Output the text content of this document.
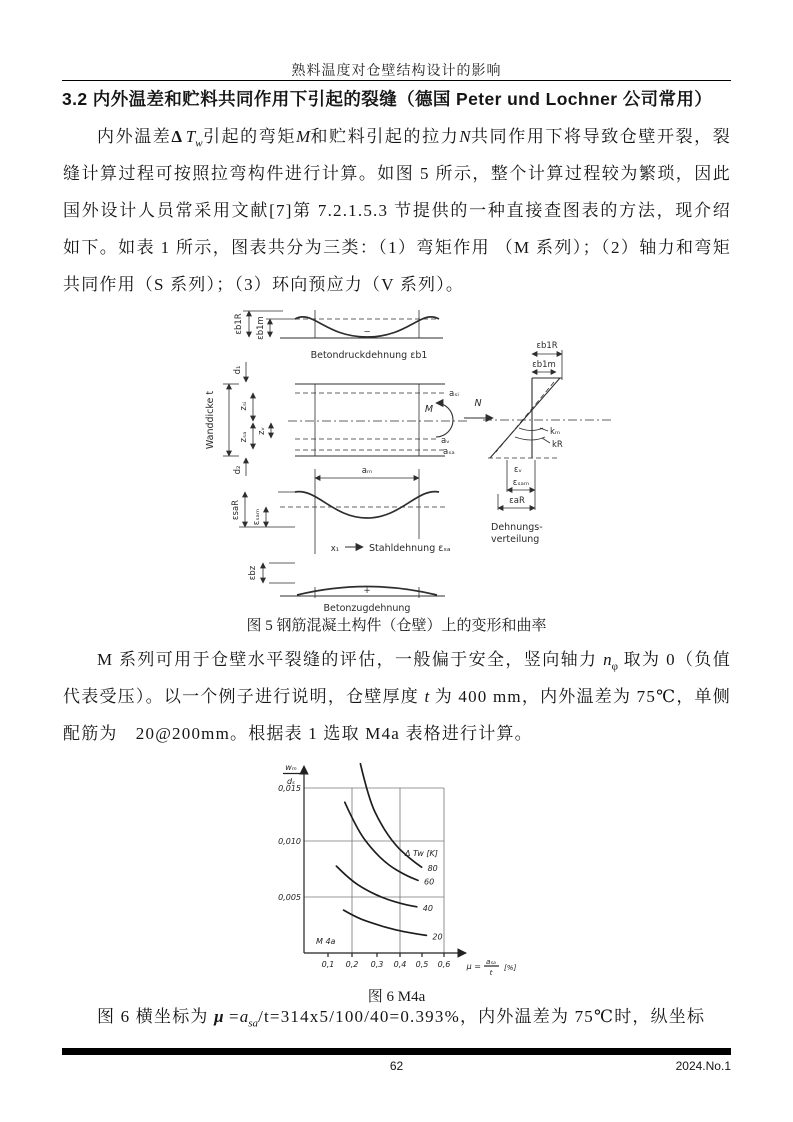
熟料温度对仓壁结构设计的影响
3.2 内外温差和贮料共同作用下引起的裂缝（德国 Peter und Lochner 公司常用）

内外温差Δ $T_w$引起的弯矩M和贮料引起的拉力N共同作用下将导致仓壁开裂，裂缝计算过程可按照拉弯构件进行计算。如图 5 所示，整个计算过程较为繁琐，因此国外设计人员常采用文献[7]第 7.2.1.5.3 节提供的一种直接查图表的方法，现介绍如下。如表 1 所示，图表共分为三类：（1）弯矩作用 （M 系列）；（2）轴力和弯矩共同作用（S 系列）；（3）环向预应力（V 系列）。

εb1R εb1m	−
Betondruckdehnung εb1
Wanddicke t
d₁
d₂
zₛᵢ
zₛₐ
zᵥ
aₛᵢ
aᵥ
aₛₐ
M
N
εb1R
εb1m
kₘ
kR
εᵥ
εₛₐₘ
εaR
Dehnungs-
verteilung
aₘ
εsaR εₛₐₘ
x₁	Stahldehnung εₛₐ
εbz
+
Betonzugdehnung
图 5 钢筋混凝土构件（仓壁）上的变形和曲率

M 系列可用于仓壁水平裂缝的评估，一般偏于安全，竖向轴力 $n_\varphi$ 取为 0（负值代表受压）。以一个例子进行说明，仓壁厚度 t 为 400 mm，内外温差为 75℃，单侧配筋为　20@200mm。根据表 1 选取 M4a 表格进行计算。

wₘ
dₛ
0,015
0,010
0,005
0,1 0,2 0,3 0,4 0,5 0,6 μ =
aₛₐ
t
[%]
Δ Tw [K]
M 4a
80
60
40
20
图 6 M4a

图 6 横坐标为 $\mu =a_{sa}/t=314x5/100/40=0.393\%$，内外温差为 75℃时，纵坐标

62	2024.No.1
